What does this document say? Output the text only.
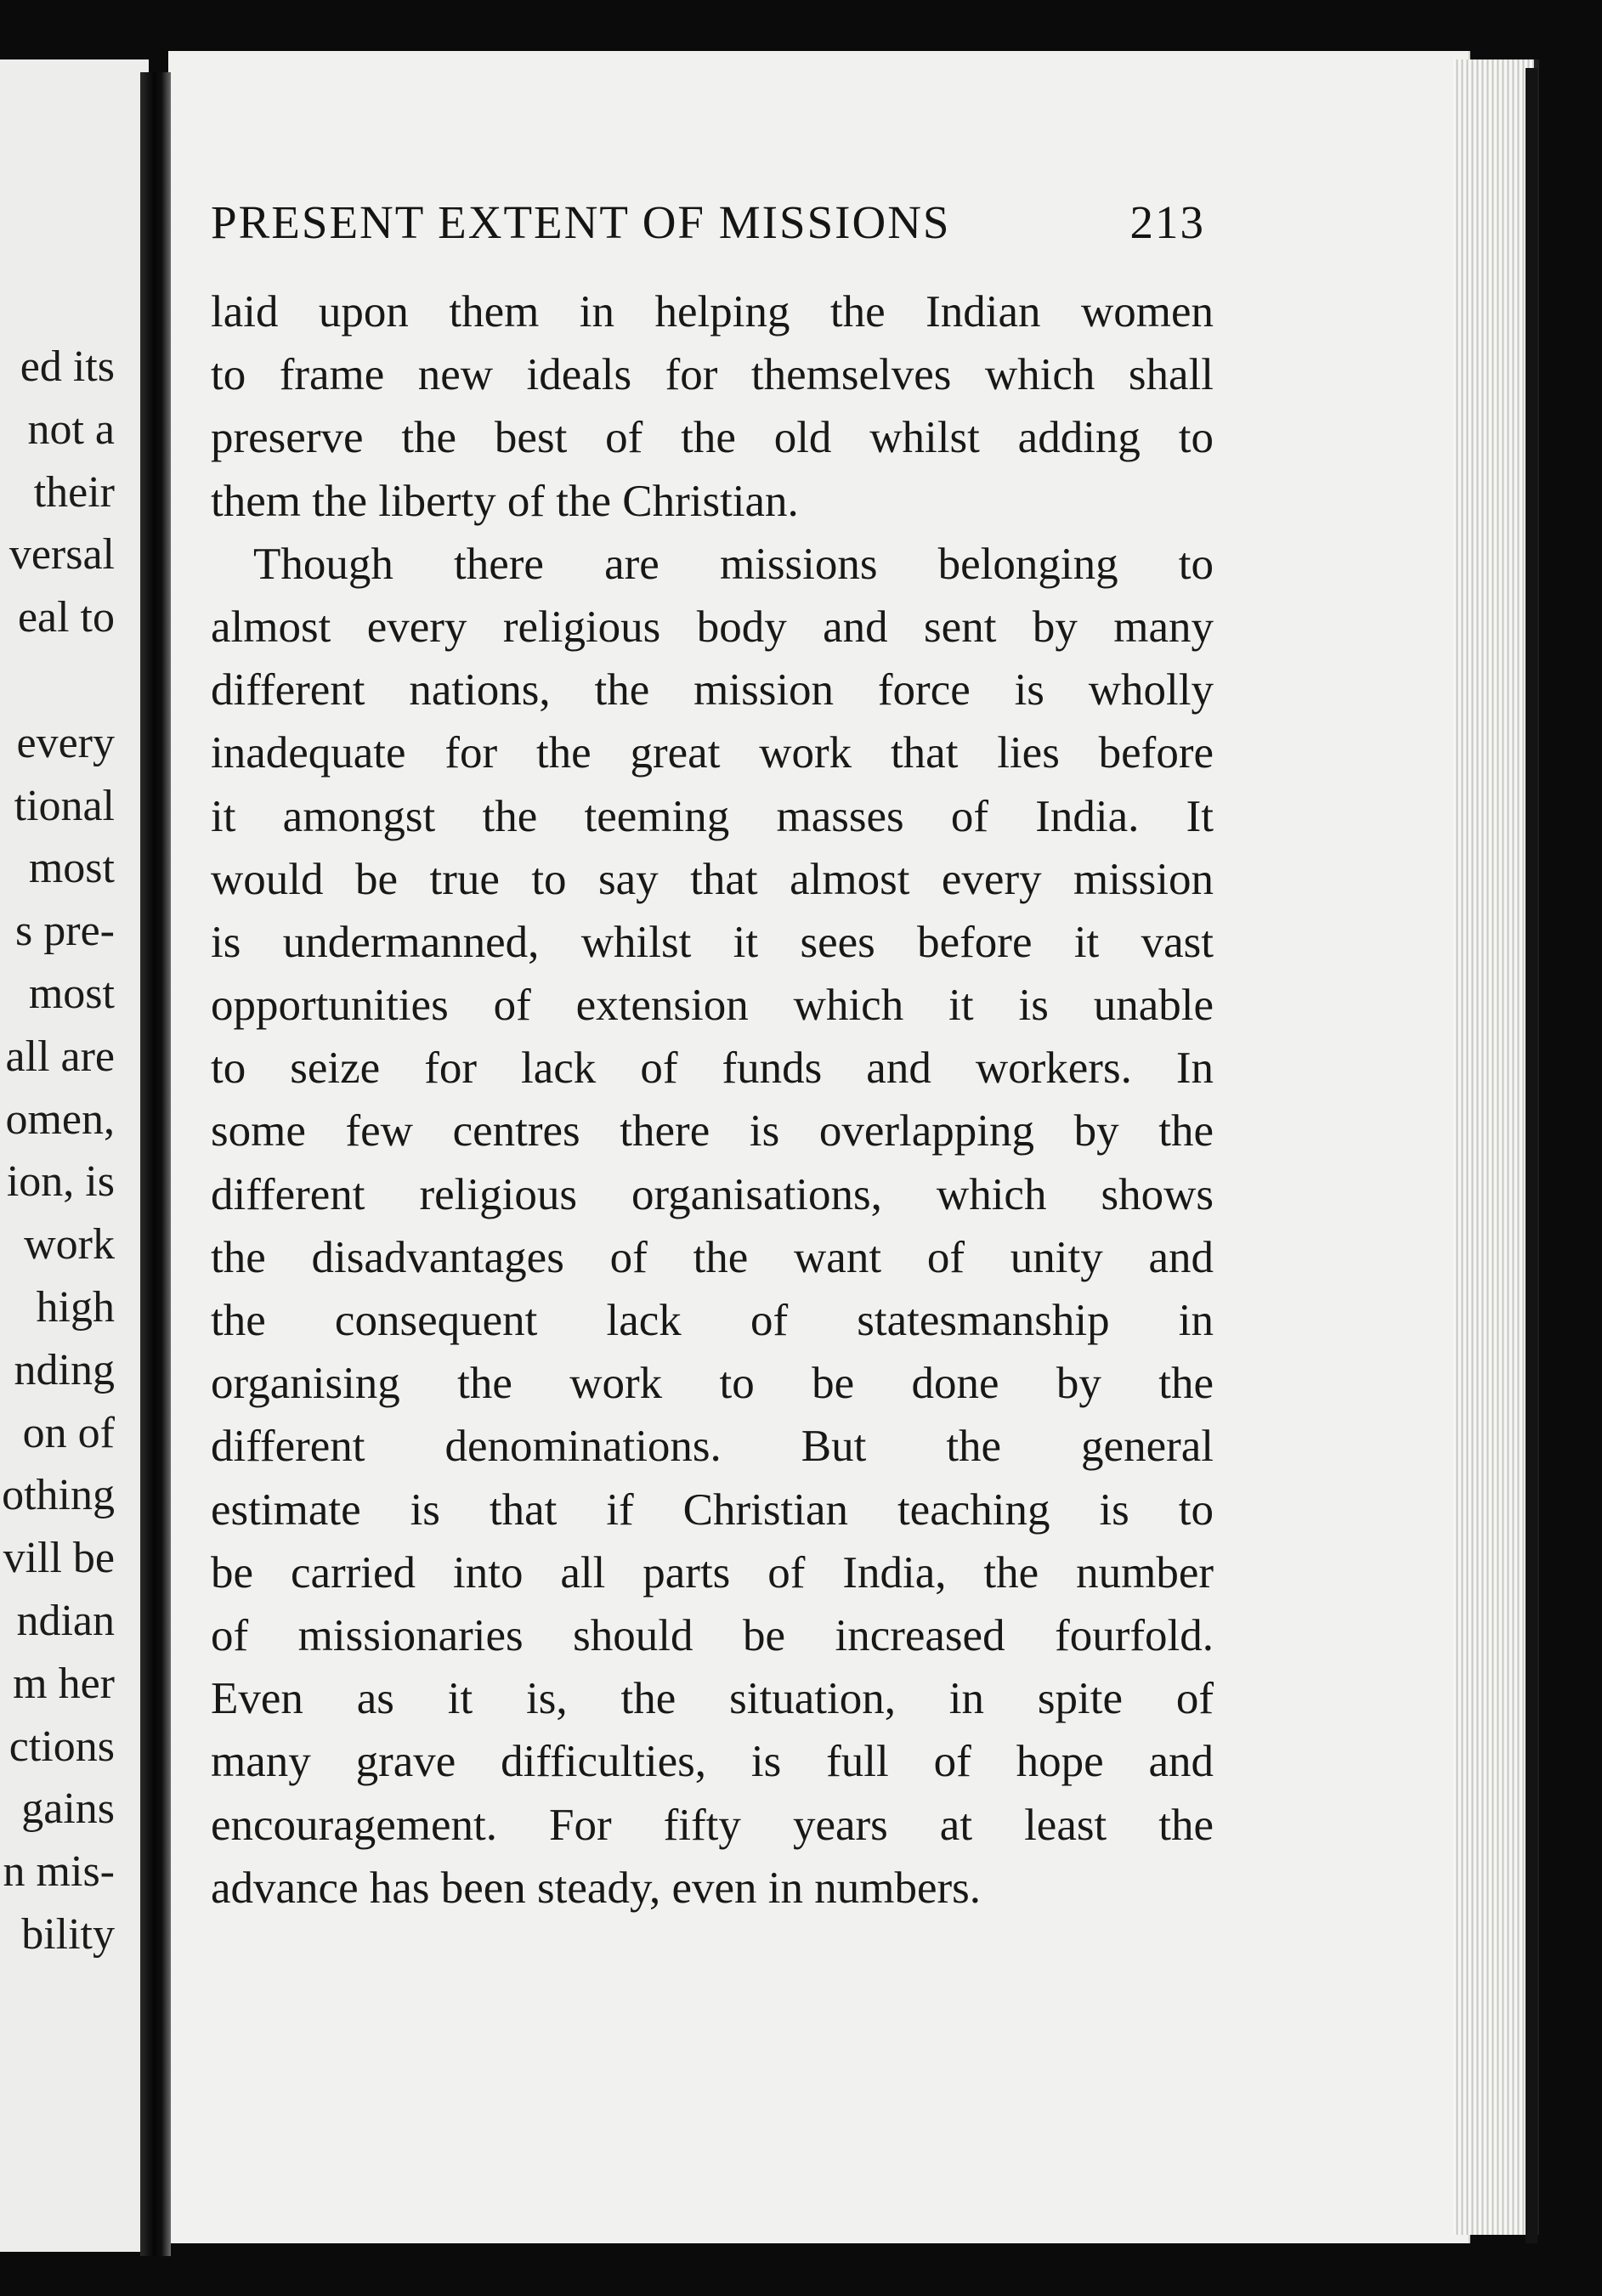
ed its
not a
their
versal
eal to
every
tional
most
s pre-
most
all are
omen,
ion, is
work
high
nding
on of
othing
vill be
ndian
m her
ctions
gains
n mis-
bility
PRESENT EXTENT OF MISSIONS	213
laid upon them in helping the Indian women
to frame new ideals for themselves which shall
preserve the best of the old whilst adding to
them the liberty of the Christian.
Though there are missions belonging to
almost every religious body and sent by many
different nations, the mission force is wholly
inadequate for the great work that lies before
it amongst the teeming masses of India. It
would be true to say that almost every mission
is undermanned, whilst it sees before it vast
opportunities of extension which it is unable
to seize for lack of funds and workers. In
some few centres there is overlapping by the
different religious organisations, which shows
the disadvantages of the want of unity and
the consequent lack of statesmanship in
organising the work to be done by the
different denominations. But the general
estimate is that if Christian teaching is to
be carried into all parts of India, the number
of missionaries should be increased fourfold.
Even as it is, the situation, in spite of
many grave difficulties, is full of hope and
encouragement. For fifty years at least the
advance has been steady, even in numbers.
